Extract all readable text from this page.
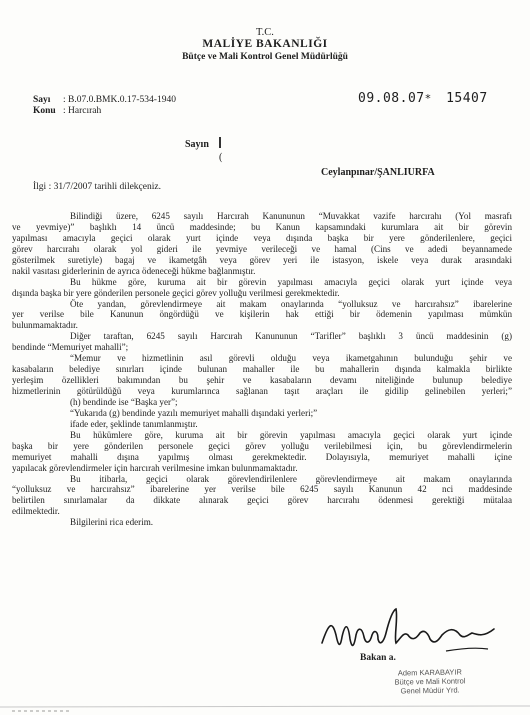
T.C.
MALİYE BAKANLIĞI
Bütçe ve Mali Kontrol Genel Müdürlüğü
Sayı : B.07.0.BMK.0.17-534-1940
Konu : Harcırah
09.08.07* 15407
Sayın
(
Ceylanpınar/ŞANLIURFA
İlgi : 31/7/2007 tarihli dilekçeniz.
Bilindiği üzere, 6245 sayılı Harcırah Kanununun “Muvakkat vazife harcırahı (Yol masrafı
ve yevmiye)” başlıklı 14 üncü maddesinde; bu Kanun kapsamındaki kurumlara ait bir görevin
yapılması amacıyla geçici olarak yurt içinde veya dışında başka bir yere gönderilenlere, geçici
görev harcırahı olarak yol gideri ile yevmiye verileceği ve hamal (Cins ve adedi beyannamede
gösterilmek suretiyle) bagaj ve ikametgâh veya görev yeri ile istasyon, iskele veya durak arasındaki
nakil vasıtası giderlerinin de ayrıca ödeneceği hükme bağlanmıştır.
Bu hükme göre, kuruma ait bir görevin yapılması amacıyla geçici olarak yurt içinde veya
dışında başka bir yere gönderilen personele geçici görev yolluğu verilmesi gerekmektedir.
Öte yandan, görevlendirmeye ait makam onaylarında “yolluksuz ve harcırahsız” ibarelerine
yer verilse bile Kanunun öngördüğü ve kişilerin hak ettiği bir ödemenin yapılması mümkün
bulunmamaktadır.
Diğer taraftan, 6245 sayılı Harcırah Kanununun “Tarifler” başlıklı 3 üncü maddesinin (g)
bendinde “Memuriyet mahalli”;
“Memur ve hizmetlinin asıl görevli olduğu veya ikametgahının bulunduğu şehir ve
kasabaların belediye sınırları içinde bulunan mahaller ile bu mahallerin dışında kalmakla birlikte
yerleşim özellikleri bakımından bu şehir ve kasabaların devamı niteliğinde bulunup belediye
hizmetlerinin götürüldüğü veya kurumlarınca sağlanan taşıt araçları ile gidilip gelinebilen yerleri;”
(h) bendinde ise “Başka yer”;
“Yukarıda (g) bendinde yazılı memuriyet mahalli dışındaki yerleri;”
ifade eder, şeklinde tanımlanmıştır.
Bu hükümlere göre, kuruma ait bir görevin yapılması amacıyla geçici olarak yurt içinde
başka bir yere gönderilen personele geçici görev yolluğu verilebilmesi için, bu görevlendirmelerin
memuriyet mahalli dışına yapılmış olması gerekmektedir. Dolayısıyla, memuriyet mahalli içine
yapılacak görevlendirmeler için harcırah verilmesine imkan bulunmamaktadır.
Bu itibarla, geçici olarak görevlendirilenlere görevlendirmeye ait makam onaylarında
“yolluksuz ve harcırahsız” ibarelerine yer verilse bile 6245 sayılı Kanunun 42 nci maddesinde
belirtilen sınırlamalar da dikkate alınarak geçici görev harcırahı ödenmesi gerektiği mütalaa
edilmektedir.
Bilgilerini rica ederim.
Bakan a.
Adem KARABAYIR
Bütçe ve Mali Kontrol
Genel Müdür Yrd.
